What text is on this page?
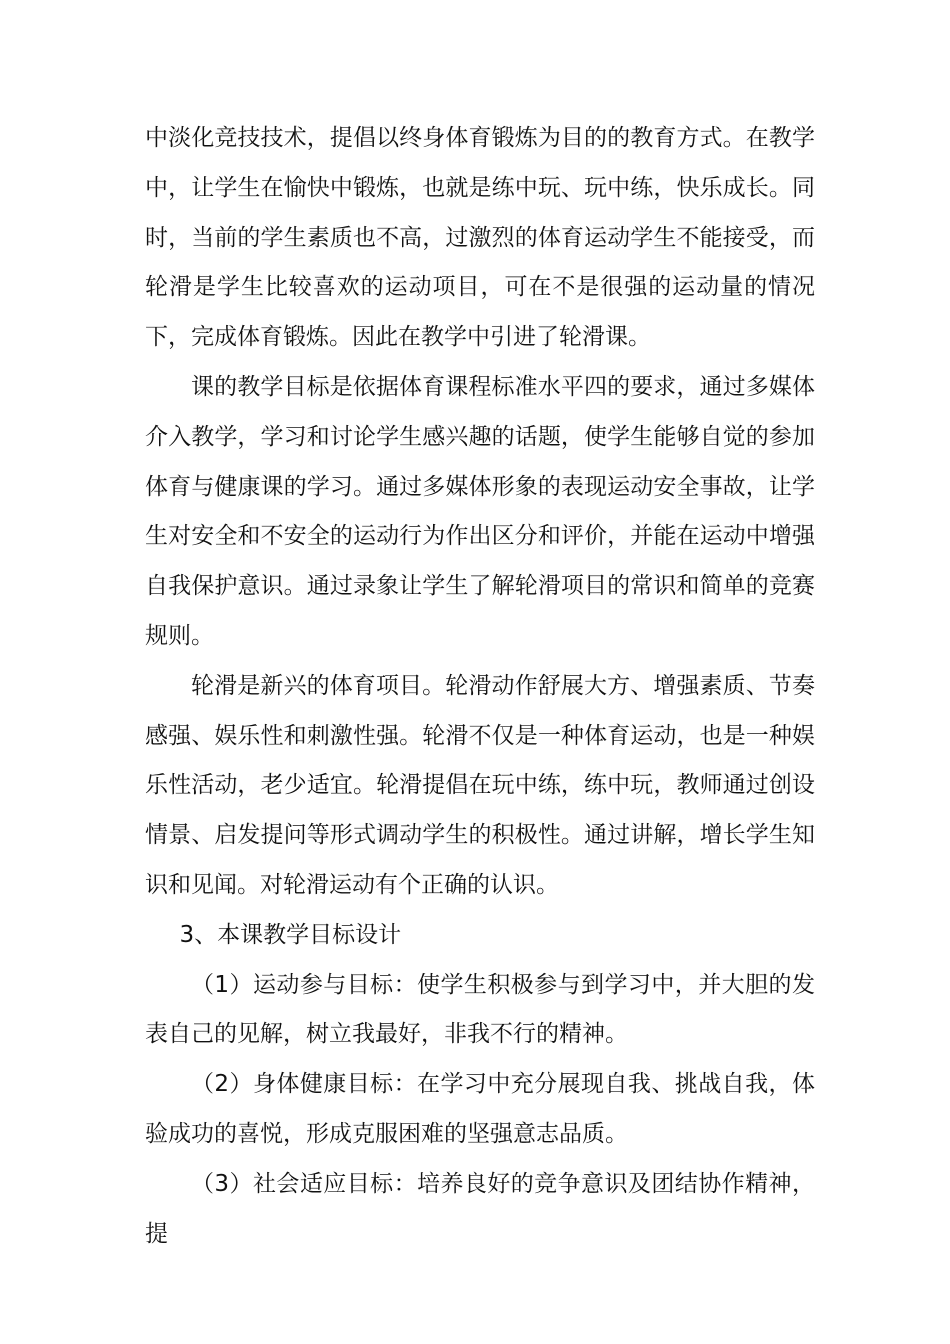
中淡化竞技技术，提倡以终身体育锻炼为目的的教育方式。在教学中，让学生在愉快中锻炼，也就是练中玩、玩中练，快乐成长。同时，当前的学生素质也不高，过激烈的体育运动学生不能接受，而轮滑是学生比较喜欢的运动项目，可在不是很强的运动量的情况下，完成体育锻炼。因此在教学中引进了轮滑课。

课的教学目标是依据体育课程标准水平四的要求，通过多媒体介入教学，学习和讨论学生感兴趣的话题，使学生能够自觉的参加体育与健康课的学习。通过多媒体形象的表现运动安全事故，让学生对安全和不安全的运动行为作出区分和评价，并能在运动中增强自我保护意识。通过录象让学生了解轮滑项目的常识和简单的竞赛规则。

轮滑是新兴的体育项目。轮滑动作舒展大方、增强素质、节奏感强、娱乐性和刺激性强。轮滑不仅是一种体育运动，也是一种娱乐性活动，老少适宜。轮滑提倡在玩中练，练中玩，教师通过创设情景、启发提问等形式调动学生的积极性。通过讲解，增长学生知识和见闻。对轮滑运动有个正确的认识。

3、本课教学目标设计

（1）运动参与目标：使学生积极参与到学习中，并大胆的发表自己的见解，树立我最好，非我不行的精神。

（2）身体健康目标：在学习中充分展现自我、挑战自我，体验成功的喜悦，形成克服困难的坚强意志品质。

（3）社会适应目标：培养良好的竞争意识及团结协作精神，提
